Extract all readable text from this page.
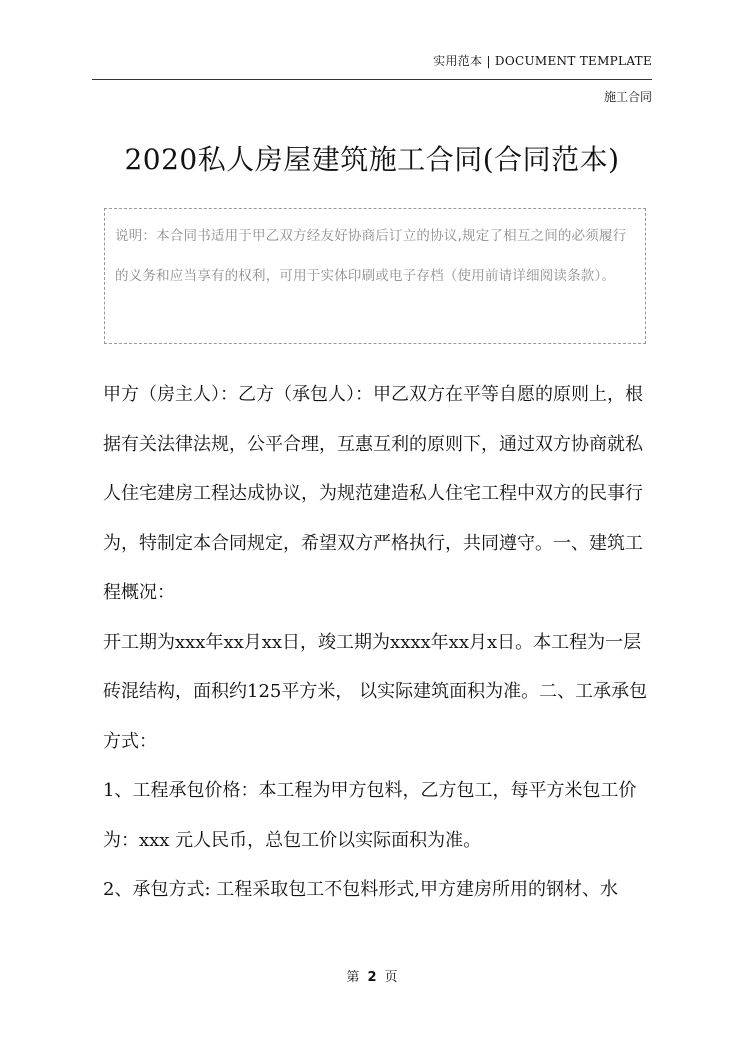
实用范本 | DOCUMENT TEMPLATE
施工合同
2020私人房屋建筑施工合同(合同范本)
说明：本合同书适用于甲乙双方经友好协商后订立的协议,规定了相互之间的必须履行的义务和应当享有的权利，可用于实体印刷或电子存档（使用前请详细阅读条款）。

甲方（房主人）：乙方（承包人）：甲乙双方在平等自愿的原则上，根据有关法律法规，公平合理，互惠互利的原则下，通过双方协商就私人住宅建房工程达成协议，为规范建造私人住宅工程中双方的民事行为，特制定本合同规定，希望双方严格执行，共同遵守。一、建筑工程概况：

开工期为xxx年xx月xx日，竣工期为xxxx年xx月x日。本工程为一层砖混结构，面积约125平方米， 以实际建筑面积为准。二、工承承包方式：

1、工程承包价格：本工程为甲方包料，乙方包工，每平方米包工价为：xxx 元人民币，总包工价以实际面积为准。

2、承包方式: 工程采取包工不包料形式,甲方建房所用的钢材、水

第 2 页
